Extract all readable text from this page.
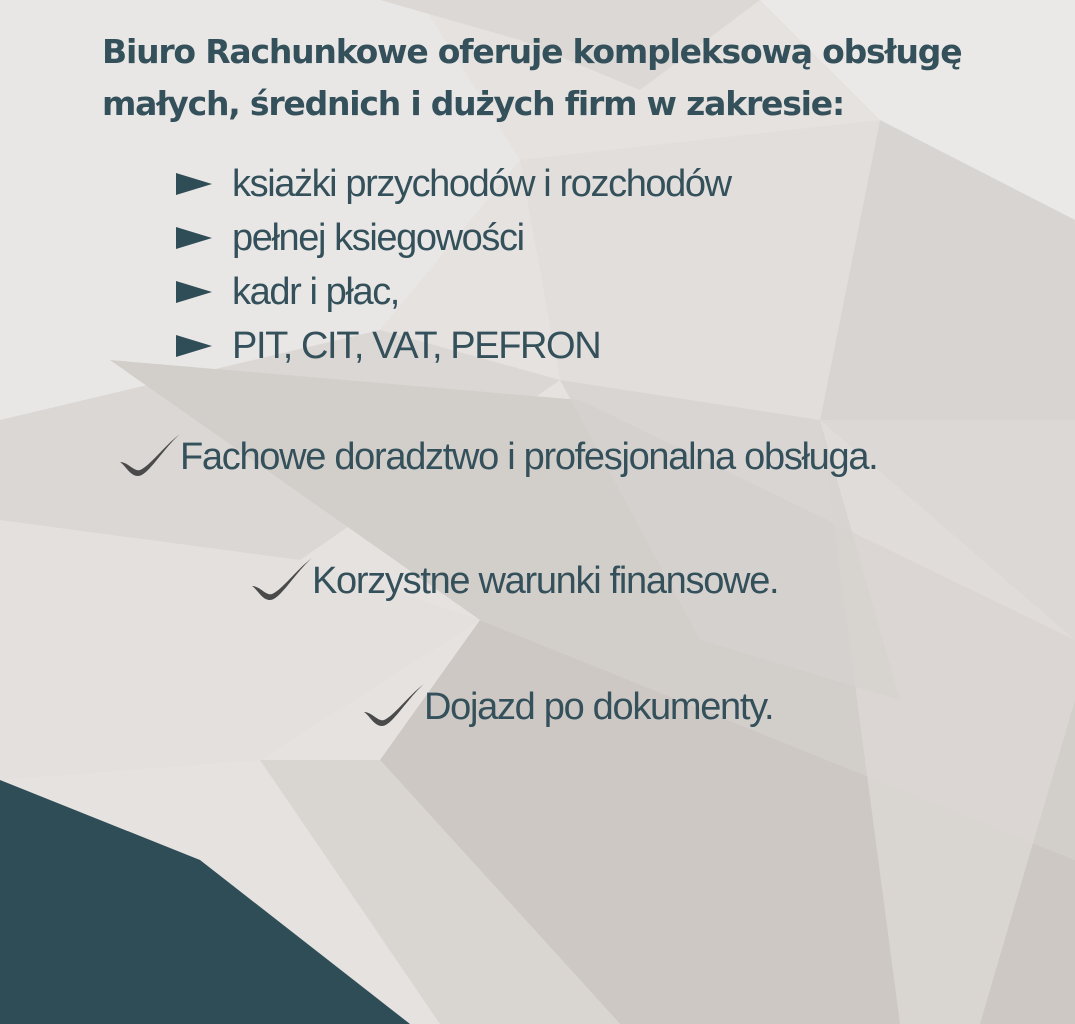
Biuro Rachunkowe oferuje kompleksową obsługę
małych, średnich i dużych firm w zakresie:
ksiażki przychodów i rozchodów
pełnej ksiegowości
kadr i płac,
PIT, CIT, VAT, PEFRON
Fachowe doradztwo i profesjonalna obsługa.
Korzystne warunki finansowe.
Dojazd po dokumenty.
